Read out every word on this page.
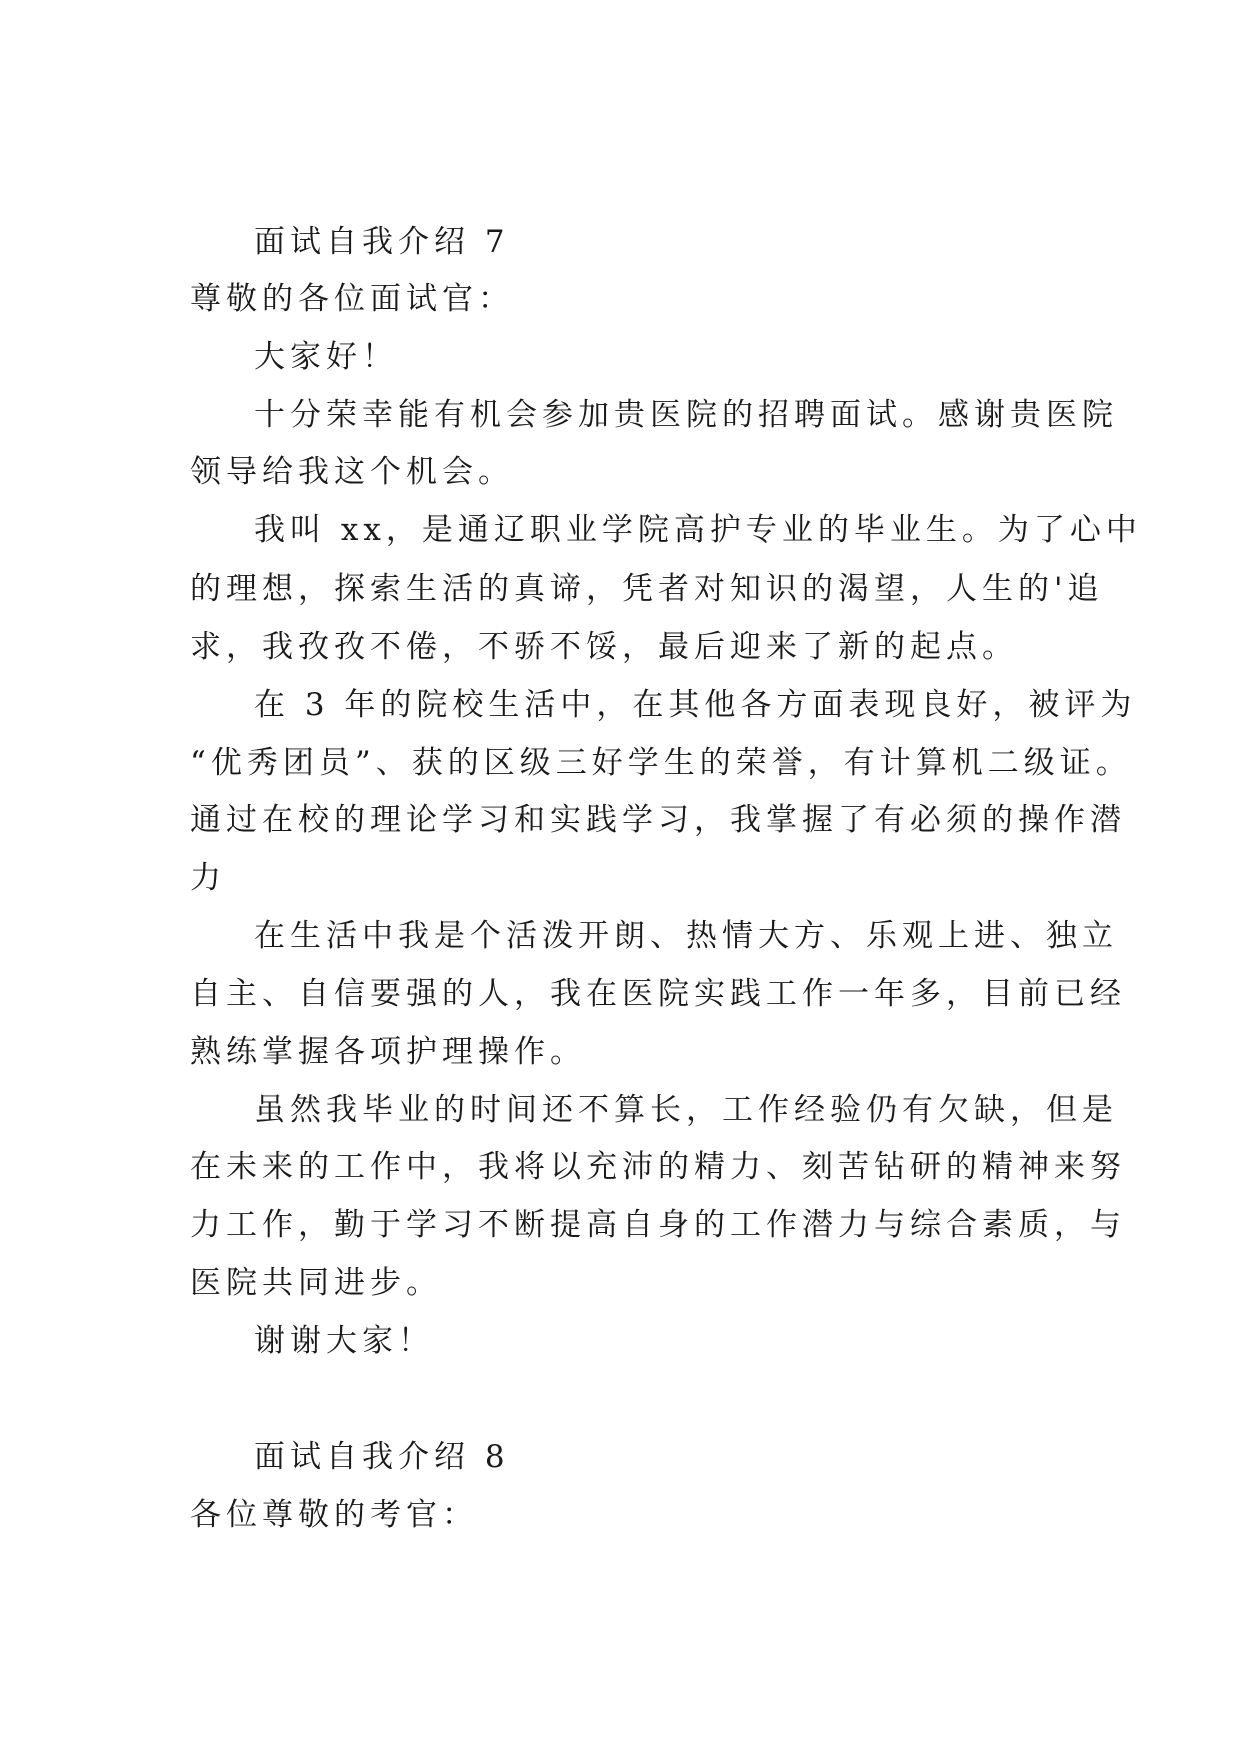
面试自我介绍 7

尊敬的各位面试官：

大家好！

十分荣幸能有机会参加贵医院的招聘面试。感谢贵医院

领导给我这个机会。

我叫 xx，是通辽职业学院高护专业的毕业生。为了心中

的理想，探索生活的真谛，凭者对知识的渴望，人生的'追

求，我孜孜不倦，不骄不馁，最后迎来了新的起点。

在 3 年的院校生活中，在其他各方面表现良好，被评为

“优秀团员”、获的区级三好学生的荣誉，有计算机二级证。

通过在校的理论学习和实践学习，我掌握了有必须的操作潜

力

在生活中我是个活泼开朗、热情大方、乐观上进、独立

自主、自信要强的人，我在医院实践工作一年多，目前已经

熟练掌握各项护理操作。

虽然我毕业的时间还不算长，工作经验仍有欠缺，但是

在未来的工作中，我将以充沛的精力、刻苦钻研的精神来努

力工作，勤于学习不断提高自身的工作潜力与综合素质，与

医院共同进步。

谢谢大家！

面试自我介绍 8

各位尊敬的考官：
